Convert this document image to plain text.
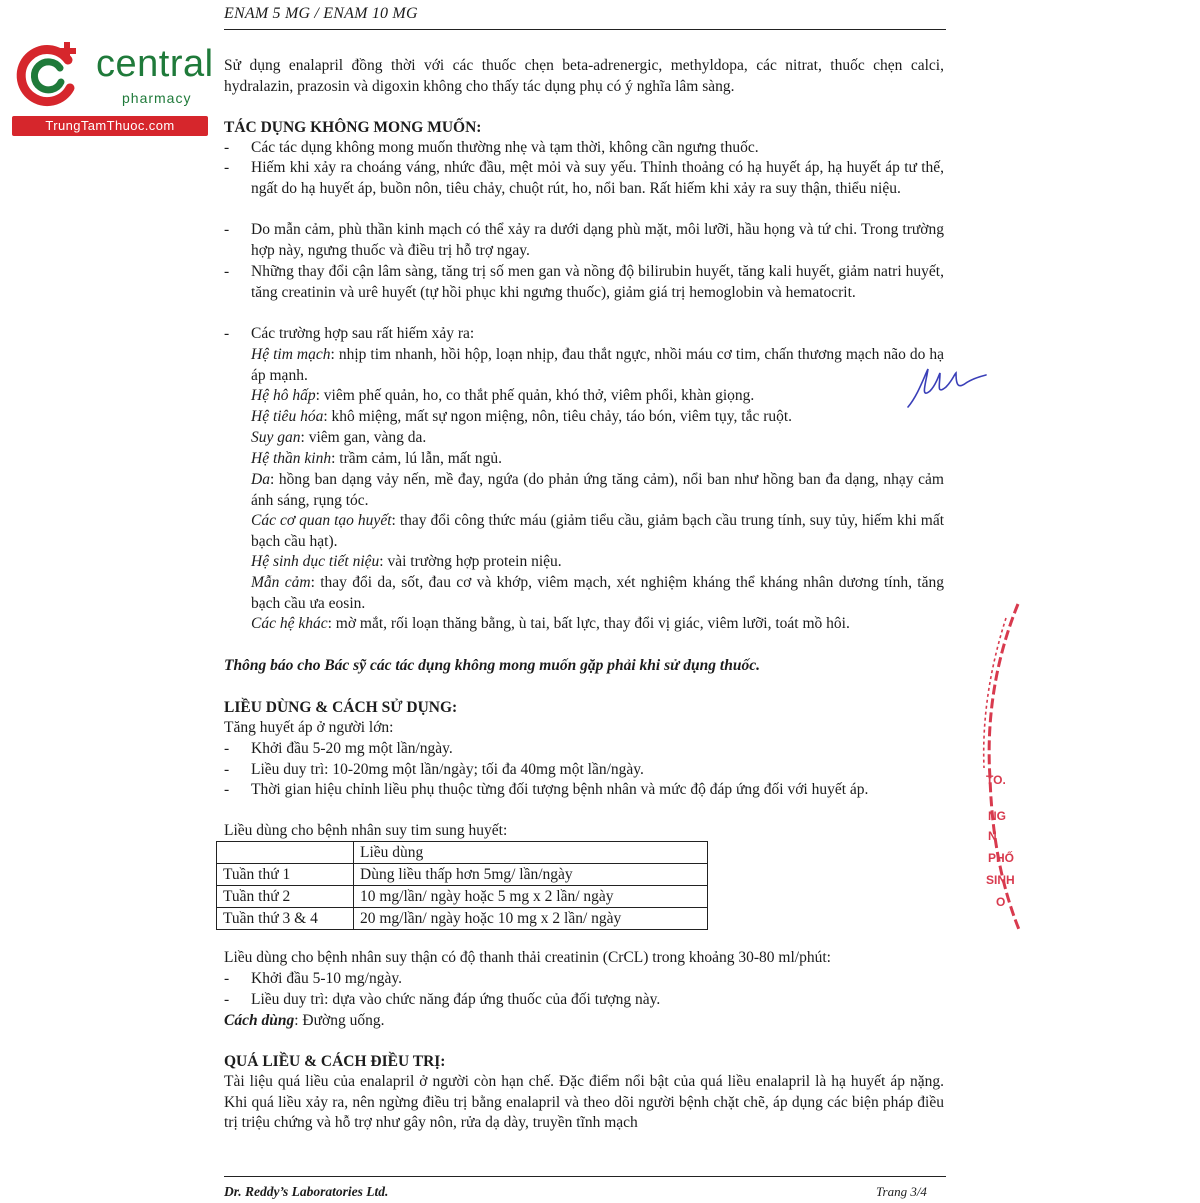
ENAM 5 MG / ENAM 10 MG
central
pharmacy
TrungTamThuoc.com

Sử dụng enalapril đồng thời với các thuốc chẹn beta-adrenergic, methyldopa, các nitrat, thuốc chẹn calci, hydralazin, prazosin và digoxin không cho thấy tác dụng phụ có ý nghĩa lâm sàng.

TÁC DỤNG KHÔNG MONG MUỐN:
- Các tác dụng không mong muốn thường nhẹ và tạm thời, không cần ngưng thuốc.
- Hiếm khi xảy ra choáng váng, nhức đầu, mệt mỏi và suy yếu. Thỉnh thoảng có hạ huyết áp, hạ huyết áp tư thế, ngất do hạ huyết áp, buồn nôn, tiêu chảy, chuột rút, ho, nổi ban. Rất hiếm khi xảy ra suy thận, thiểu niệu.
- Do mẫn cảm, phù thần kinh mạch có thể xảy ra dưới dạng phù mặt, môi lưỡi, hầu họng và tứ chi. Trong trường hợp này, ngưng thuốc và điều trị hỗ trợ ngay.
- Những thay đổi cận lâm sàng, tăng trị số men gan và nồng độ bilirubin huyết, tăng kali huyết, giảm natri huyết, tăng creatinin và urê huyết (tự hồi phục khi ngưng thuốc), giảm giá trị hemoglobin và hematocrit.
- Các trường hợp sau rất hiếm xảy ra:

Hệ tim mạch: nhịp tim nhanh, hồi hộp, loạn nhịp, đau thắt ngực, nhồi máu cơ tim, chấn thương mạch não do hạ áp mạnh.

Hệ hô hấp: viêm phế quản, ho, co thắt phế quản, khó thở, viêm phổi, khàn giọng.

Hệ tiêu hóa: khô miệng, mất sự ngon miệng, nôn, tiêu chảy, táo bón, viêm tụy, tắc ruột.

Suy gan: viêm gan, vàng da.

Hệ thần kinh: trầm cảm, lú lẫn, mất ngủ.

Da: hồng ban dạng vảy nến, mề đay, ngứa (do phản ứng tăng cảm), nổi ban như hồng ban đa dạng, nhạy cảm ánh sáng, rụng tóc.

Các cơ quan tạo huyết: thay đổi công thức máu (giảm tiểu cầu, giảm bạch cầu trung tính, suy tủy, hiếm khi mất bạch cầu hạt).

Hệ sinh dục tiết niệu: vài trường hợp protein niệu.

Mẫn cảm: thay đổi da, sốt, đau cơ và khớp, viêm mạch, xét nghiệm kháng thể kháng nhân dương tính, tăng bạch cầu ưa eosin.

Các hệ khác: mờ mắt, rối loạn thăng bằng, ù tai, bất lực, thay đổi vị giác, viêm lưỡi, toát mồ hôi.

Thông báo cho Bác sỹ các tác dụng không mong muốn gặp phải khi sử dụng thuốc.

LIỀU DÙNG & CÁCH SỬ DỤNG:

Tăng huyết áp ở người lớn:

- Khởi đầu 5-20 mg một lần/ngày.
- Liều duy trì: 10-20mg một lần/ngày; tối đa 40mg một lần/ngày.
- Thời gian hiệu chỉnh liều phụ thuộc từng đối tượng bệnh nhân và mức độ đáp ứng đối với huyết áp.

Liều dùng cho bệnh nhân suy tim sung huyết:

	Liều dùng
Tuần thứ 1	Dùng liều thấp hơn 5mg/ lần/ngày
Tuần thứ 2	10 mg/lần/ ngày hoặc 5 mg x 2 lần/ ngày
Tuần thứ 3 & 4	20 mg/lần/ ngày hoặc 10 mg x 2 lần/ ngày

Liều dùng cho bệnh nhân suy thận có độ thanh thải creatinin (CrCL) trong khoảng 30-80 ml/phút:

- Khởi đầu 5-10 mg/ngày.
- Liều duy trì: dựa vào chức năng đáp ứng thuốc của đối tượng này.

Cách dùng: Đường uống.

QUÁ LIỀU & CÁCH ĐIỀU TRỊ:

Tài liệu quá liều của enalapril ở người còn hạn chế. Đặc điểm nổi bật của quá liều enalapril là hạ huyết áp nặng. Khi quá liều xảy ra, nên ngừng điều trị bằng enalapril và theo dõi người bệnh chặt chẽ, áp dụng các biện pháp điều trị triệu chứng và hỗ trợ như gây nôn, rửa dạ dày, truyền tĩnh mạch

TO.
NG
N
PHỐ
SINH
O
Dr. Reddy’s Laboratories Ltd.	Trang 3/4
